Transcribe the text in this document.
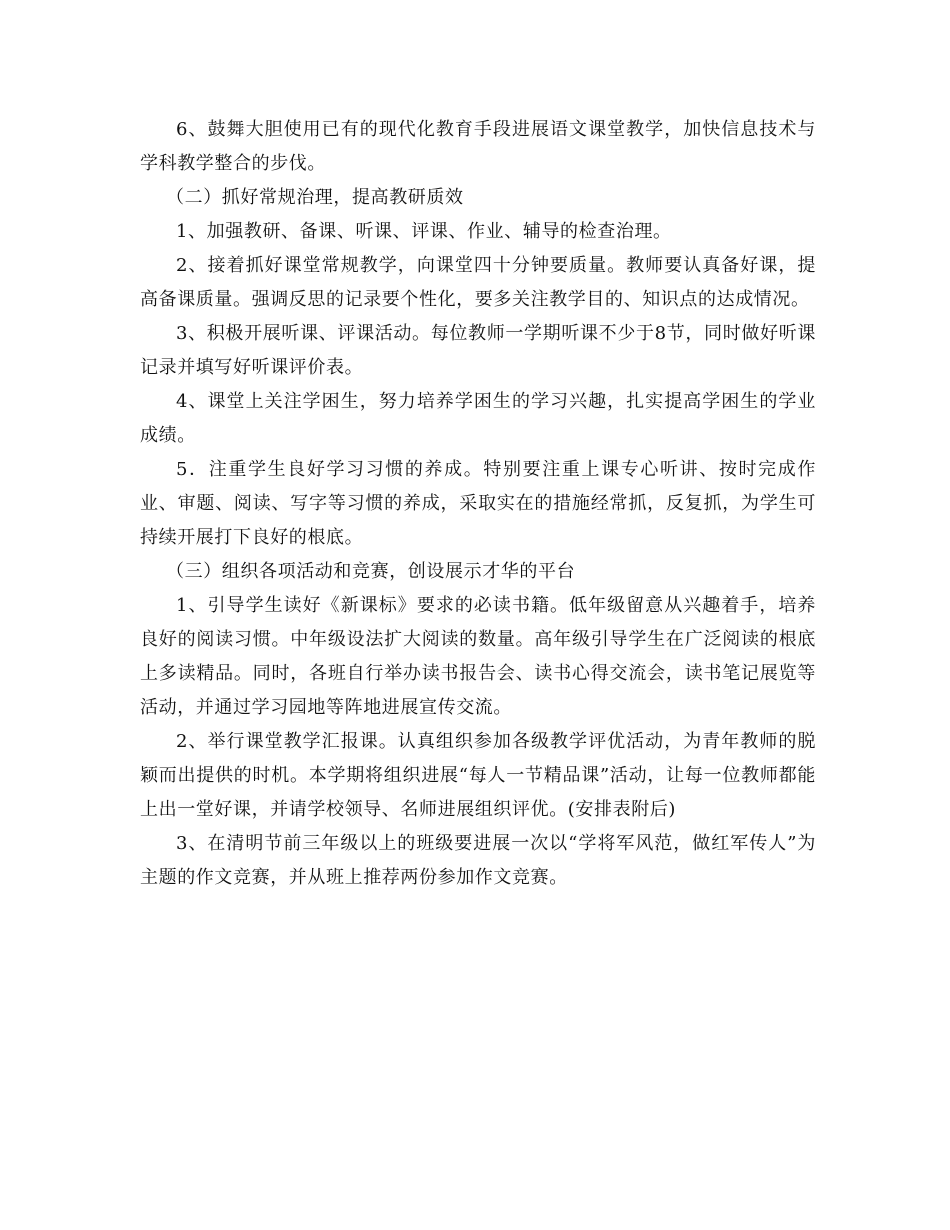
6、鼓舞大胆使用已有的现代化教育手段进展语文课堂教学，加快信息技术与学科教学整合的步伐。

（二）抓好常规治理，提高教研质效

1、加强教研、备课、听课、评课、作业、辅导的检查治理。

2、接着抓好课堂常规教学，向课堂四十分钟要质量。教师要认真备好课，提高备课质量。强调反思的记录要个性化，要多关注教学目的、知识点的达成情况。

3、积极开展听课、评课活动。每位教师一学期听课不少于8节，同时做好听课记录并填写好听课评价表。

4、课堂上关注学困生，努力培养学困生的学习兴趣，扎实提高学困生的学业成绩。

5．注重学生良好学习习惯的养成。特别要注重上课专心听讲、按时完成作业、审题、阅读、写字等习惯的养成，采取实在的措施经常抓，反复抓，为学生可持续开展打下良好的根底。

（三）组织各项活动和竞赛，创设展示才华的平台

1、引导学生读好《新课标》要求的必读书籍。低年级留意从兴趣着手，培养良好的阅读习惯。中年级设法扩大阅读的数量。高年级引导学生在广泛阅读的根底上多读精品。同时，各班自行举办读书报告会、读书心得交流会，读书笔记展览等活动，并通过学习园地等阵地进展宣传交流。

2、举行课堂教学汇报课。认真组织参加各级教学评优活动，为青年教师的脱颖而出提供的时机。本学期将组织进展“每人一节精品课”活动，让每一位教师都能上出一堂好课，并请学校领导、名师进展组织评优。(安排表附后)

3、在清明节前三年级以上的班级要进展一次以“学将军风范，做红军传人”为主题的作文竞赛，并从班上推荐两份参加作文竞赛。
